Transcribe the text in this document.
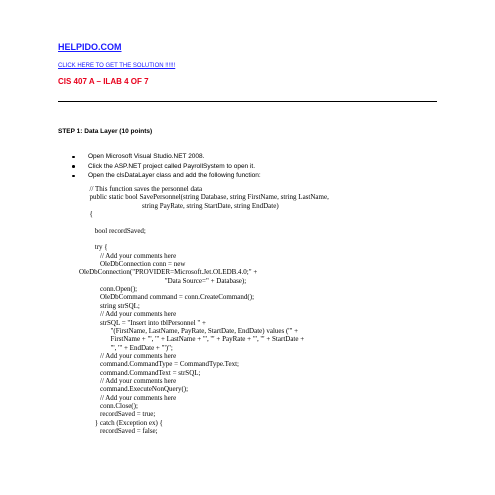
HELPIDO.COM
CLICK HERE TO GET THE SOLUTION !!!!!!
CIS 407 A – ILAB 4 OF 7
STEP 1: Data Layer (10 points)
Open Microsoft Visual Studio.NET 2008.
Click the ASP.NET project called PayrollSystem to open it.
Open the clsDataLayer class and add the following function:
// This function saves the personnel data
public static bool SavePersonnel(string Database, string FirstName, string LastName,
string PayRate, string StartDate, string EndDate)
{

bool recordSaved;

try {
// Add your comments here
OleDbConnection conn = new
OleDbConnection("PROVIDER=Microsoft.Jet.OLEDB.4.0;" +
"Data Source=" + Database);
conn.Open();
OleDbCommand command = conn.CreateCommand();
string strSQL;
// Add your comments here
strSQL = "Insert into tblPersonnel " +
"(FirstName, LastName, PayRate, StartDate, EndDate) values ('" +
FirstName + "', '" + LastName + "', '" + PayRate + "', '" + StartDate +
"', '" + EndDate + "')";
// Add your comments here
command.CommandType = CommandType.Text;
command.CommandText = strSQL;
// Add your comments here
command.ExecuteNonQuery();
// Add your comments here
conn.Close();
recordSaved = true;
} catch (Exception ex) {
recordSaved = false;
